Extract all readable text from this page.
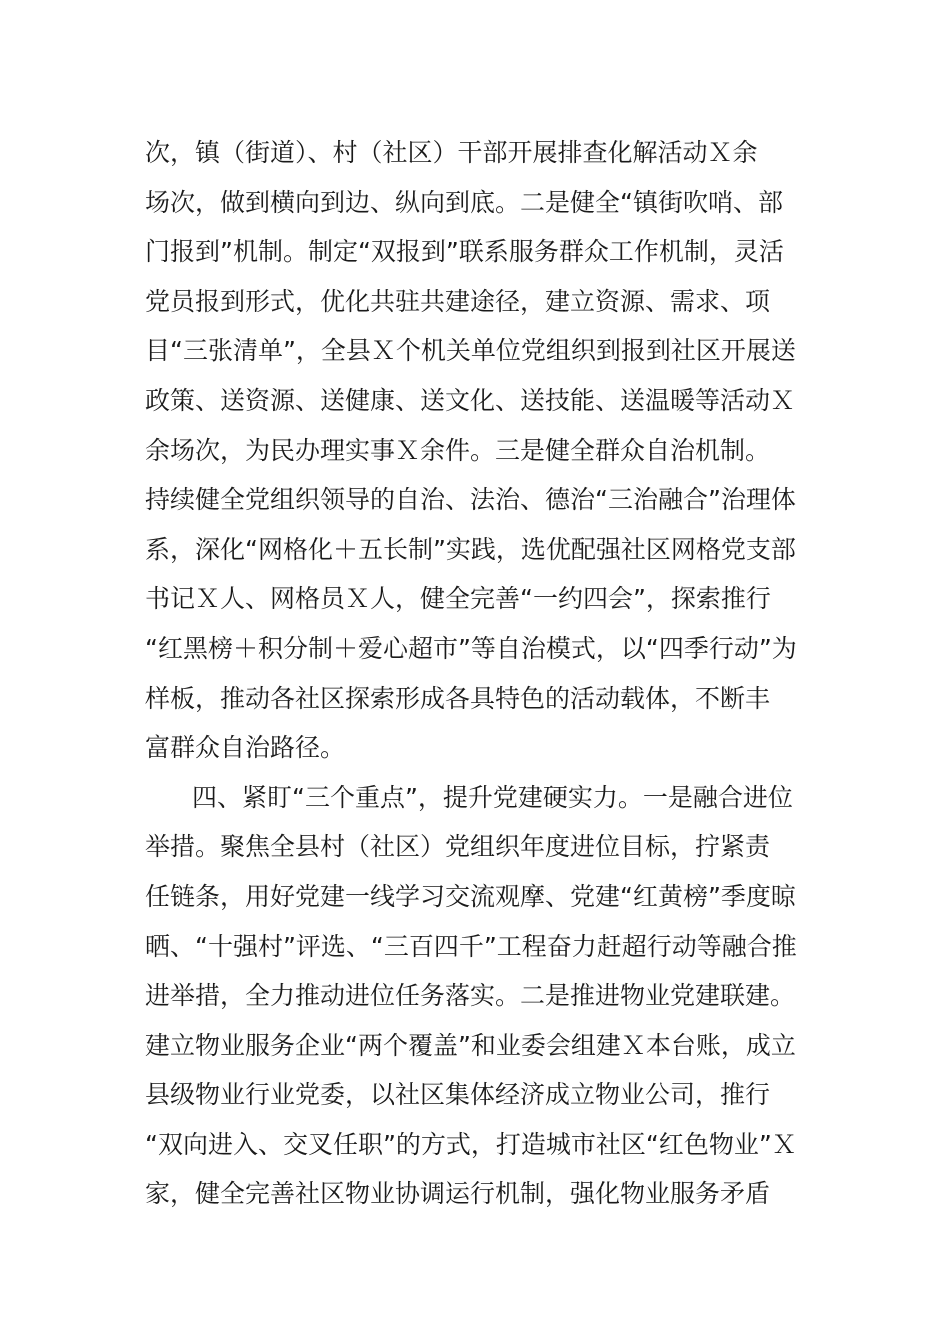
次，镇（街道）、村（社区）干部开展排查化解活动Ｘ余
场次，做到横向到边、纵向到底。二是健全“镇街吹哨、部
门报到”机制。制定“双报到”联系服务群众工作机制，灵活
党员报到形式，优化共驻共建途径，建立资源、需求、项
目“三张清单”，全县Ｘ个机关单位党组织到报到社区开展送
政策、送资源、送健康、送文化、送技能、送温暖等活动Ｘ
余场次，为民办理实事Ｘ余件。三是健全群众自治机制。
持续健全党组织领导的自治、法治、德治“三治融合”治理体
系，深化“网格化＋五长制”实践，选优配强社区网格党支部
书记Ｘ人、网格员Ｘ人，健全完善“一约四会”，探索推行
“红黑榜＋积分制＋爱心超市”等自治模式，以“四季行动”为
样板，推动各社区探索形成各具特色的活动载体，不断丰
富群众自治路径。
四、紧盯“三个重点”，提升党建硬实力。一是融合进位
举措。聚焦全县村（社区）党组织年度进位目标，拧紧责
任链条，用好党建一线学习交流观摩、党建“红黄榜”季度晾
晒、“十强村”评选、“三百四千”工程奋力赶超行动等融合推
进举措，全力推动进位任务落实。二是推进物业党建联建。
建立物业服务企业“两个覆盖”和业委会组建Ｘ本台账，成立
县级物业行业党委，以社区集体经济成立物业公司，推行
“双向进入、交叉任职”的方式，打造城市社区“红色物业”Ｘ
家，健全完善社区物业协调运行机制，强化物业服务矛盾
